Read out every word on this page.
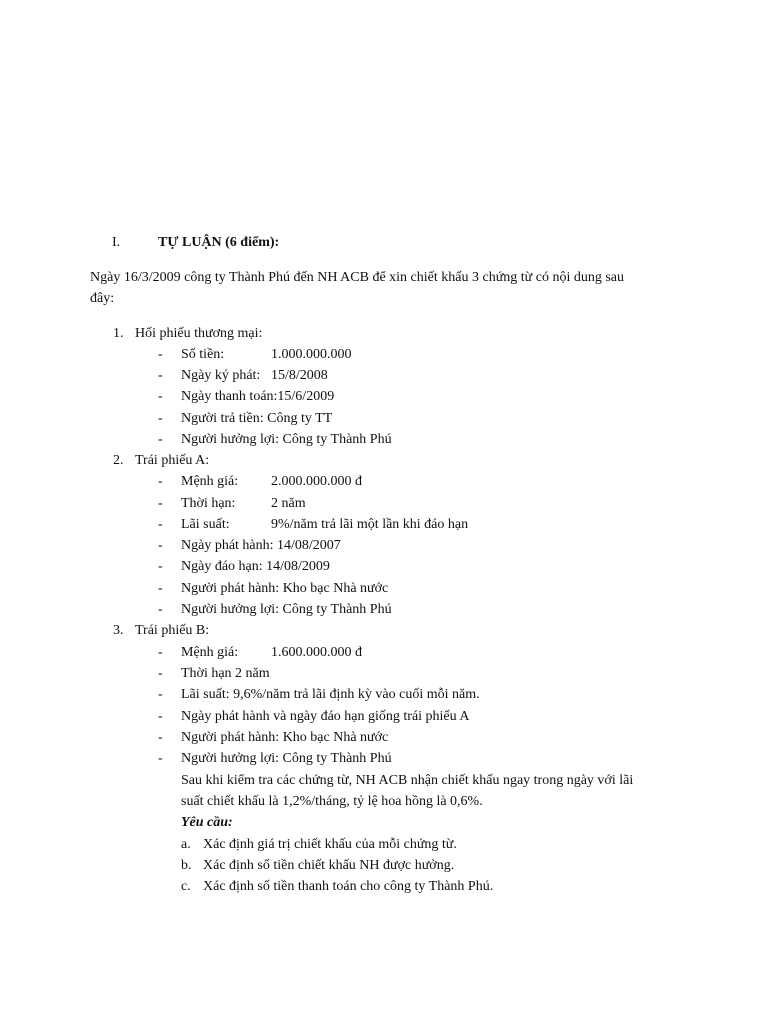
I.	TỰ LUẬN (6 điểm):
Ngày 16/3/2009 công ty Thành Phú đến NH ACB để xin chiết khấu 3 chứng từ có nội dung sau
đây:
1. Hối phiếu thương mại:
- Số tiền:	1.000.000.000
- Ngày ký phát: 15/8/2008
- Ngày thanh toán:15/6/2009
- Người trả tiền: Công ty TT
- Người hưởng lợi: Công ty Thành Phú
2. Trái phiếu A:
- Mệnh giá: 2.000.000.000 đ
- Thời hạn:	2 năm
- Lãi suất:	9%/năm trả lãi một lần khi đáo hạn
- Ngày phát hành: 14/08/2007
- Ngày đáo hạn: 14/08/2009
- Người phát hành: Kho bạc Nhà nước
- Người hưởng lợi: Công ty Thành Phú
3. Trái phiếu B:
- Mệnh giá: 1.600.000.000 đ
- Thời hạn 2 năm
- Lãi suất: 9,6%/năm trả lãi định kỳ vào cuối mỗi năm.
- Ngày phát hành và ngày đáo hạn giống trái phiếu A
- Người phát hành: Kho bạc Nhà nước
- Người hưởng lợi: Công ty Thành Phú
Sau khi kiểm tra các chứng từ, NH ACB nhận chiết khấu ngay trong ngày với lãi
suất chiết khấu là 1,2%/tháng, tỷ lệ hoa hồng là 0,6%.
Yêu cầu:
a. Xác định giá trị chiết khấu của mỗi chứng từ.
b. Xác định số tiền chiết khấu NH được hưởng.
c. Xác định số tiền thanh toán cho công ty Thành Phú.
